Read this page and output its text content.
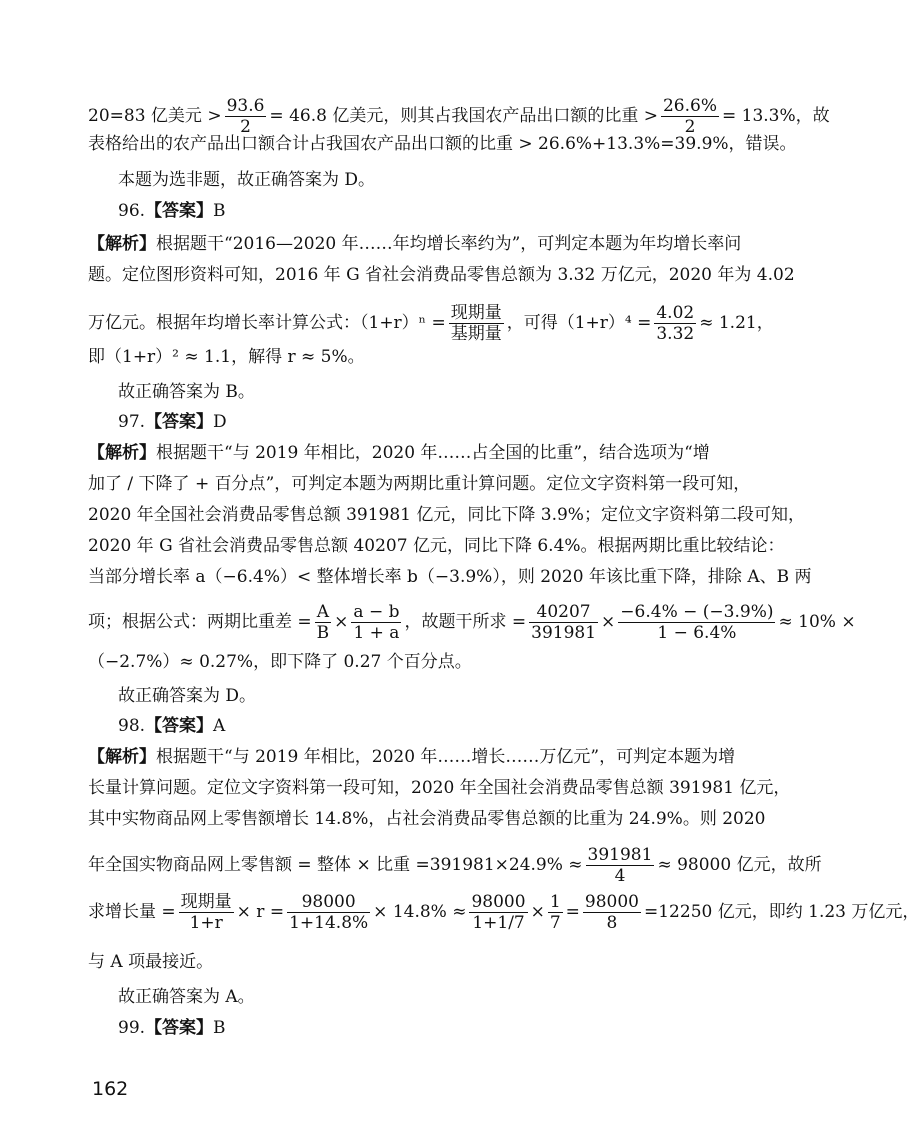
20=83 亿美元 > $\frac{93.6}{2} = 46.8$ 亿美元，则其占我国农产品出口额的比重 > $\frac{26.6\%}{2} = 13.3\%$，故
表格给出的农产品出口额合计占我国农产品出口额的比重 > 26.6%+13.3%=39.9%，错误。
本题为选非题，故正确答案为 D。
96.【答案】B
【解析】根据题干“2016—2020 年……年均增长率约为”，可判定本题为年均增长率问
题。定位图形资料可知，2016 年 G 省社会消费品零售总额为 3.32 万亿元，2020 年为 4.02
万亿元。根据年均增长率计算公式：$(1+r)^n = \frac{\text{现期量}}{\text{基期量}}$ ，可得$(1+r)^4 = \frac{4.02}{3.32} \approx 1.21$，
即（1+r）² ≈ 1.1，解得 r ≈ 5%。
故正确答案为 B。
97.【答案】D
【解析】根据题干“与 2019 年相比，2020 年……占全国的比重”，结合选项为“增
加了 / 下降了 + 百分点”，可判定本题为两期比重计算问题。定位文字资料第一段可知，
2020 年全国社会消费品零售总额 391981 亿元，同比下降 3.9%；定位文字资料第二段可知，
2020 年 G 省社会消费品零售总额 40207 亿元，同比下降 6.4%。根据两期比重比较结论：
当部分增长率 a（−6.4%）< 整体增长率 b（−3.9%），则 2020 年该比重下降，排除 A、B 两
项；根据公式：两期比重差 = $\frac{A}{B} \times \frac{a - b}{1 + a}$ ，故题干所求 = $\frac{40207}{391981} \times \frac{-6.4\% - (-3.9\%)}{1 - 6.4\%} \approx 10\%$ ×
（−2.7%）≈ 0.27%，即下降了 0.27 个百分点。
故正确答案为 D。
98.【答案】A
【解析】根据题干“与 2019 年相比，2020 年……增长……万亿元”，可判定本题为增
长量计算问题。定位文字资料第一段可知，2020 年全国社会消费品零售总额 391981 亿元，
其中实物商品网上零售额增长 14.8%，占社会消费品零售总额的比重为 24.9%。则 2020
年全国实物商品网上零售额 = 整体 × 比重 $=391981\times 24.9\% \approx \frac{391981}{4} \approx 98000$ 亿元，故所
求增长量 = $\frac{\text{现期量}}{1+r} \times r = \frac{98000}{1+14.8\%} \times 14.8\% \approx \frac{98000}{1+1/7} \times \frac{1}{7} = \frac{98000}{8} =12250$ 亿元，即约 1.23 万亿元，
与 A 项最接近。
故正确答案为 A。
99.【答案】B
162
